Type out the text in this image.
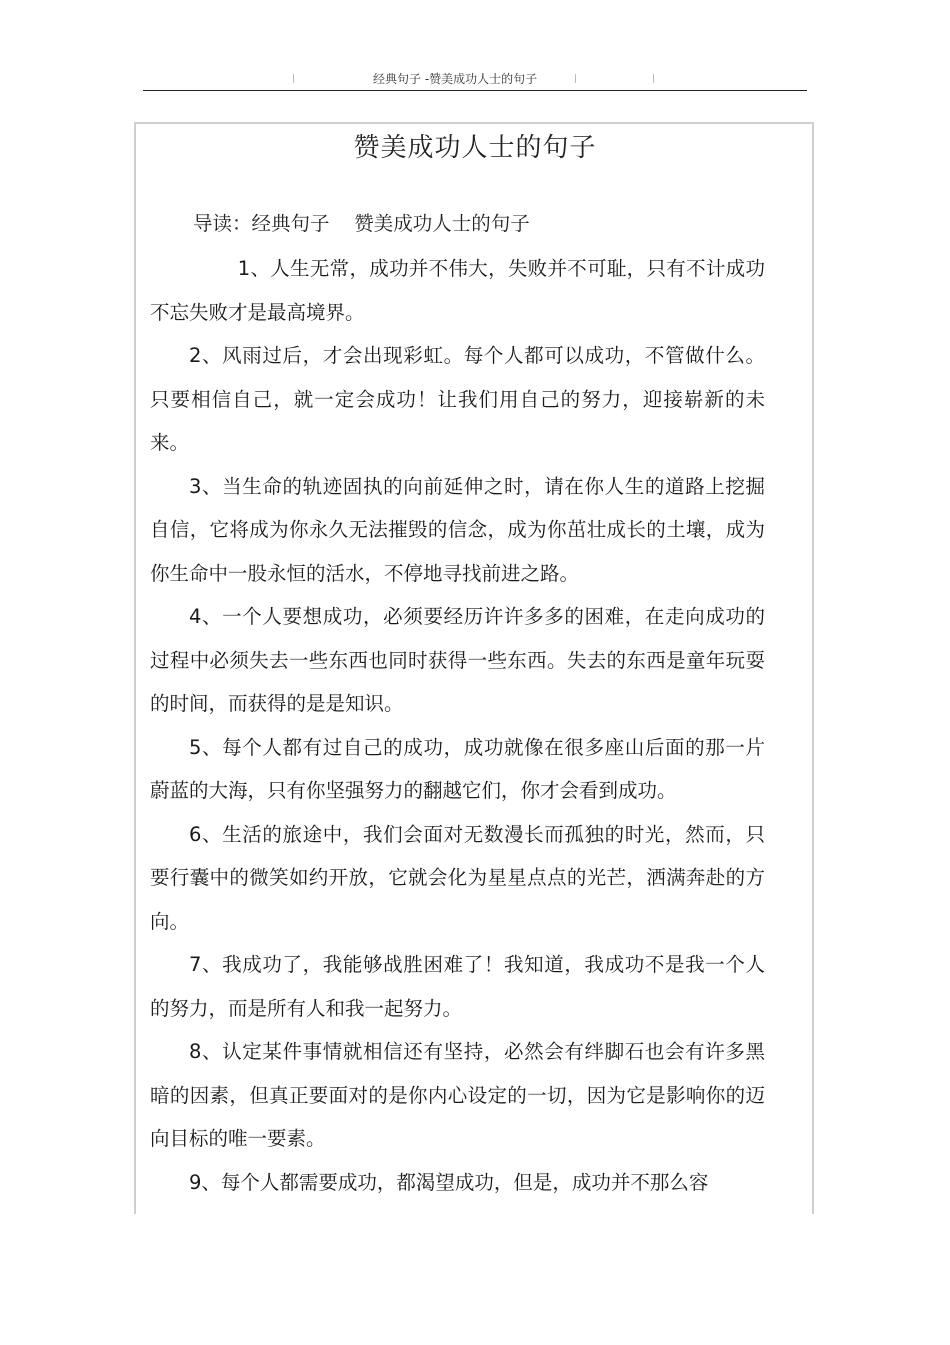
经典句子 -赞美成功人士的句子
赞美成功人士的句子
导读：经典句子    赞美成功人士的句子

1、人生无常，成功并不伟大，失败并不可耻，只有不计成功不忘失败才是最高境界。

2、风雨过后，才会出现彩虹。每个人都可以成功，不管做什么。只要相信自己，就一定会成功！让我们用自己的努力，迎接崭新的未来。

3、当生命的轨迹固执的向前延伸之时，请在你人生的道路上挖掘自信，它将成为你永久无法摧毁的信念，成为你茁壮成长的土壤，成为你生命中一股永恒的活水，不停地寻找前进之路。

4、一个人要想成功，必须要经历许许多多的困难，在走向成功的过程中必须失去一些东西也同时获得一些东西。失去的东西是童年玩耍的时间，而获得的是是知识。

5、每个人都有过自己的成功，成功就像在很多座山后面的那一片蔚蓝的大海，只有你坚强努力的翻越它们，你才会看到成功。

6、生活的旅途中，我们会面对无数漫长而孤独的时光，然而，只要行囊中的微笑如约开放，它就会化为星星点点的光芒，洒满奔赴的方向。

7、我成功了，我能够战胜困难了！我知道，我成功不是我一个人的努力，而是所有人和我一起努力。

8、认定某件事情就相信还有坚持，必然会有绊脚石也会有许多黑暗的因素，但真正要面对的是你内心设定的一切，因为它是影响你的迈向目标的唯一要素。

9、每个人都需要成功，都渴望成功，但是，成功并不那么容
